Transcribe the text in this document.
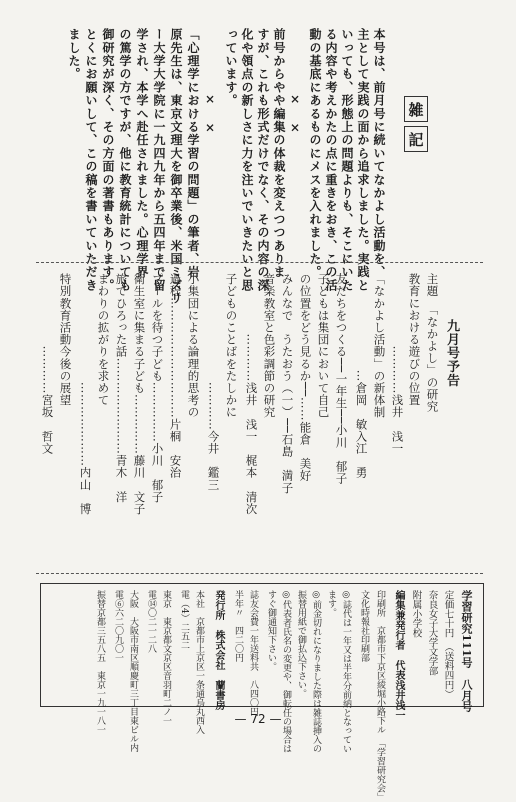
雑
記
本号は、前月号に続いてなかよし活動を、
主として実践の面から追求しました。実践と
いっても、形態上の問題よりも、そこにいた
る内容や考えかたの点に重きをおき、この活
動の基底にあるものにメスを入れました。
×　×
前号からやや編集の体裁を変えつつありま
すが、これも形式だけでなく、その内容の深
化や領点の新しさに力を注いでいきたいと思
っています。
×　×
「心理学における学習の問題」の筆者、岩
原先生は、東京文理大を御卒業後、米国ミズリ
ー大学大学院に一九四九年から五四年まで留
学され、本学へ赴任されました。心理学界
の篤学の方ですが、他に教育統計についても
御研究が深く、その方面の著書もあります。
とくにお願いして、この稿を書いていただき
ました。
九月号予告
主題　「なかよし」の研究　　
教育における遊びの位置
　　　　　　…………浅井　浅一
「なかよし活動」の新体制
　　　　　　　　…倉岡　敏入江　勇
友だちをつくる──一年生──小川　郁子
子どもは集団において自己
の位置をどう見るか──……能倉　美好
みんなで　うたおう（一）──石島　満子
音楽教室と色彩調節の研究
　　　　　…………浅井　浅一　梶本　清次
子どものことばをたしかに
　　　　　　　　　…………今井　鑑三
小集団による論理的思考の
過程…………………………片桐　安治
プールを待つ子ども……………小川　郁子
衛生室に集まる子ども……………藤川　文子
旅でひろった話……………………青木　洋
まわりの拡がりを求めて
　　　　　　　　　…………………内山　博
特別教育活動今後の展望
　　　　　　…………宮坂　哲文
学習研究111号　八月号
定価七十円　（送料四円）
奈良女子大学文学部
附属小学校
編集兼発行者　代表浅井浅一
印刷所　京都市下京区綾堀小路下ル　「学習研究会」
文化時報社印刷部
◎誌代は一年又は半年分前納となってい
ます。
◎前金切れになりました際は雑誌挿入の
振替用紙で御払込下さい。
◎代表者氏名の変更や、御転任の場合は
すぐ御通知下さい。
誌友会費一年送料共　八四〇円
半年〃　四二〇円
発行所　株式会社　蘭書房
本社　京都市上京区一条通烏丸西入
電（4）二五二
東京　東京都文京区音羽町二ノ一
電⑭〇二一二八
大阪　大阪市南区順慶町三丁目東ビル内
電⑥六二〇九〇一
振替京都三五八五　東京一九一八一	— 72 —
